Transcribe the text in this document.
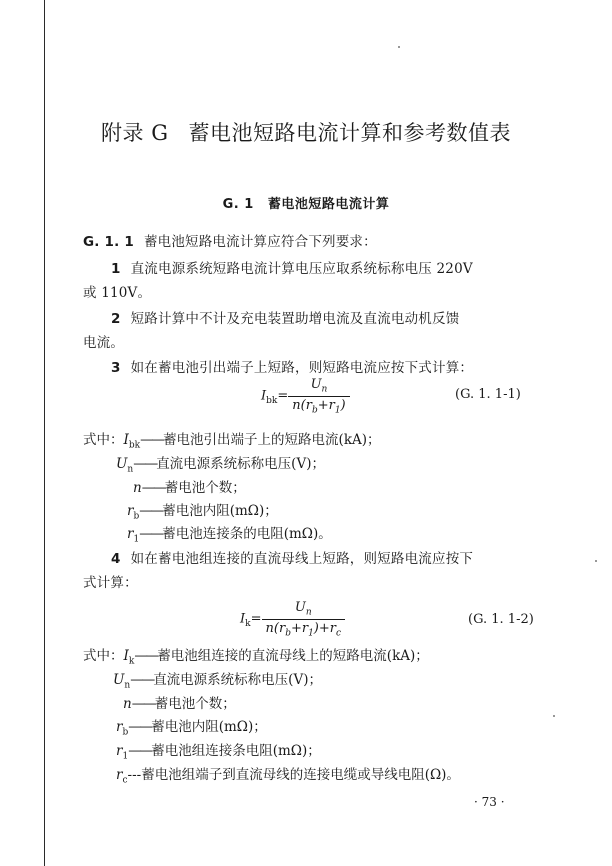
附录 G 蓄电池短路电流计算和参考数值表
G. 1 蓄电池短路电流计算
G. 1. 1 蓄电池短路电流计算应符合下列要求：
1 直流电源系统短路电流计算电压应取系统标称电压 220V
或 110V。
2 短路计算中不计及充电装置助增电流及直流电动机反馈
电流。
3 如在蓄电池引出端子上短路，则短路电流应按下式计算：
$I_{bk}= \frac{U_n}{n(r_b+r_1)}$	(G. 1. 1-1)
式中：$I_{bk}——$蓄电池引出端子上的短路电流(kA)；
$U_n——$直流电源系统标称电压(V)；
n——蓄电池个数；
$r_b——$蓄电池内阻(mΩ)；
$r_1——$蓄电池连接条的电阻(mΩ)。
4 如在蓄电池组连接的直流母线上短路，则短路电流应按下
式计算：
$I_k= \frac{U_n}{n(r_b+r_1)+r_c}$	(G. 1. 1-2)
式中：$I_k——$蓄电池组连接的直流母线上的短路电流(kA)；
$U_n——$直流电源系统标称电压(V)；
n——蓄电池个数；
$r_b——$蓄电池内阻(mΩ)；
$r_1——$蓄电池组连接条电阻(mΩ)；
$r_c---$蓄电池组端子到直流母线的连接电缆或导线电阻(Ω)。
· 73 ·
